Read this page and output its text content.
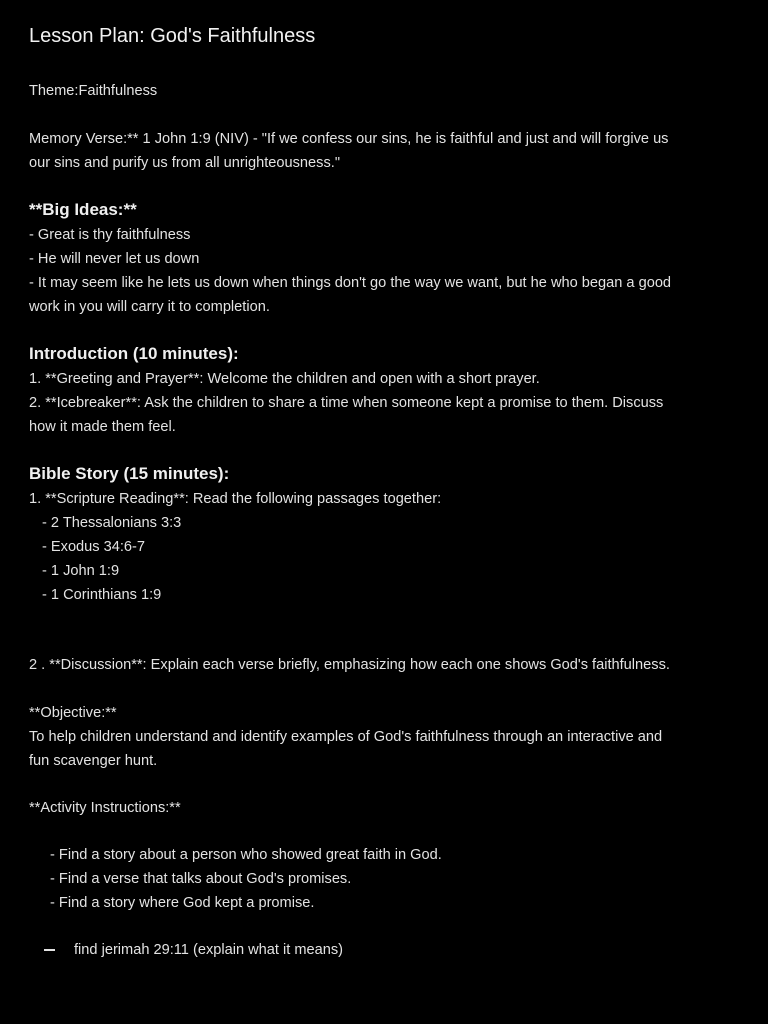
Lesson Plan: God's Faithfulness
Theme:Faithfulness
Memory Verse:** 1 John 1:9 (NIV) - "If we confess our sins, he is faithful and just and will forgive us
our sins and purify us from all unrighteousness."
**Big Ideas:**
- Great is thy faithfulness
- He will never let us down
- It may seem like he lets us down when things don't go the way we want, but he who began a good
work in you will carry it to completion.
Introduction (10 minutes):
1. **Greeting and Prayer**: Welcome the children and open with a short prayer.
2. **Icebreaker**: Ask the children to share a time when someone kept a promise to them. Discuss
how it made them feel.
Bible Story (15 minutes):
1. **Scripture Reading**: Read the following passages together:
- 2 Thessalonians 3:3
- Exodus 34:6-7
- 1 John 1:9
- 1 Corinthians 1:9
2 . **Discussion**: Explain each verse briefly, emphasizing how each one shows God's faithfulness.
**Objective:**
To help children understand and identify examples of God's faithfulness through an interactive and
fun scavenger hunt.
**Activity Instructions:**
- Find a story about a person who showed great faith in God.
- Find a verse that talks about God's promises.
- Find a story where God kept a promise.
find jerimah 29:11 (explain what it means)
